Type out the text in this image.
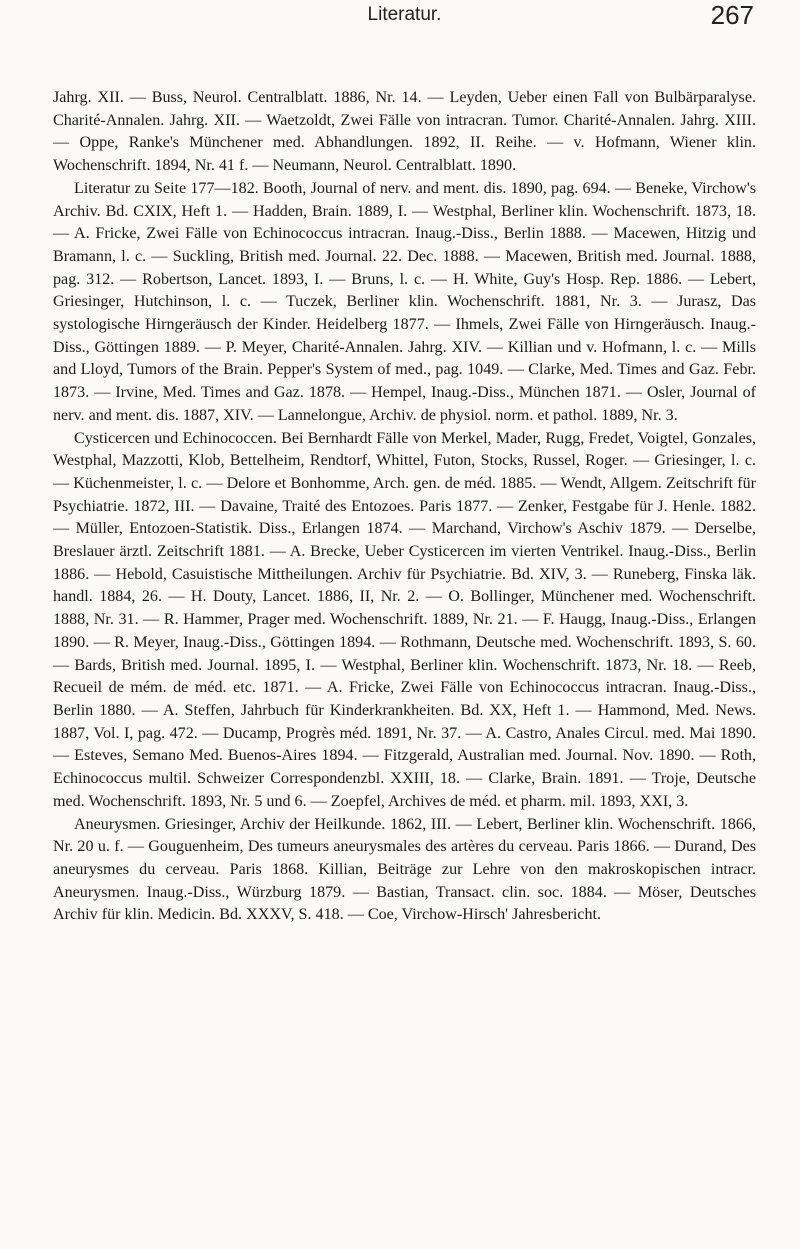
Literatur.	267

Jahrg. XII. — Buss, Neurol. Centralblatt. 1886, Nr. 14. — Leyden, Ueber einen Fall von Bulbärparalyse. Charité-Annalen. Jahrg. XII. — Waetzoldt, Zwei Fälle von intracran. Tumor. Charité-Annalen. Jahrg. XIII. — Oppe, Ranke's Münchener med. Abhandlungen. 1892, II. Reihe. — v. Hofmann, Wiener klin. Wochenschrift. 1894, Nr. 41 f. — Neumann, Neurol. Centralblatt. 1890.

Literatur zu Seite 177—182. Booth, Journal of nerv. and ment. dis. 1890, pag. 694. — Beneke, Virchow's Archiv. Bd. CXIX, Heft 1. — Hadden, Brain. 1889, I. — Westphal, Berliner klin. Wochenschrift. 1873, 18. — A. Fricke, Zwei Fälle von Echinococcus intracran. Inaug.-Diss., Berlin 1888. — Macewen, Hitzig und Bramann, l. c. — Suckling, British med. Journal. 22. Dec. 1888. — Macewen, British med. Journal. 1888, pag. 312. — Robertson, Lancet. 1893, I. — Bruns, l. c. — H. White, Guy's Hosp. Rep. 1886. — Lebert, Griesinger, Hutchinson, l. c. — Tuczek, Berliner klin. Wochenschrift. 1881, Nr. 3. — Jurasz, Das systologische Hirngeräusch der Kinder. Heidelberg 1877. — Ihmels, Zwei Fälle von Hirngeräusch. Inaug.-Diss., Göttingen 1889. — P. Meyer, Charité-Annalen. Jahrg. XIV. — Killian und v. Hofmann, l. c. — Mills and Lloyd, Tumors of the Brain. Pepper's System of med., pag. 1049. — Clarke, Med. Times and Gaz. Febr. 1873. — Irvine, Med. Times and Gaz. 1878. — Hempel, Inaug.-Diss., München 1871. — Osler, Journal of nerv. and ment. dis. 1887, XIV. — Lannelongue, Archiv. de physiol. norm. et pathol. 1889, Nr. 3.

Cysticercen und Echinococcen. Bei Bernhardt Fälle von Merkel, Mader, Rugg, Fredet, Voigtel, Gonzales, Westphal, Mazzotti, Klob, Bettelheim, Rendtorf, Whittel, Futon, Stocks, Russel, Roger. — Griesinger, l. c. — Küchenmeister, l. c. — Delore et Bonhomme, Arch. gen. de méd. 1885. — Wendt, Allgem. Zeitschrift für Psychiatrie. 1872, III. — Davaine, Traité des Entozoes. Paris 1877. — Zenker, Festgabe für J. Henle. 1882. — Müller, Entozoen-Statistik. Diss., Erlangen 1874. — Marchand, Virchow's Aschiv 1879. — Derselbe, Breslauer ärztl. Zeitschrift 1881. — A. Brecke, Ueber Cysticercen im vierten Ventrikel. Inaug.-Diss., Berlin 1886. — Hebold, Casuistische Mittheilungen. Archiv für Psychiatrie. Bd. XIV, 3. — Runeberg, Finska läk. handl. 1884, 26. — H. Douty, Lancet. 1886, II, Nr. 2. — O. Bollinger, Münchener med. Wochenschrift. 1888, Nr. 31. — R. Hammer, Prager med. Wochenschrift. 1889, Nr. 21. — F. Haugg, Inaug.-Diss., Erlangen 1890. — R. Meyer, Inaug.-Diss., Göttingen 1894. — Rothmann, Deutsche med. Wochenschrift. 1893, S. 60. — Bards, British med. Journal. 1895, I. — Westphal, Berliner klin. Wochenschrift. 1873, Nr. 18. — Reeb, Recueil de mém. de méd. etc. 1871. — A. Fricke, Zwei Fälle von Echinococcus intracran. Inaug.-Diss., Berlin 1880. — A. Steffen, Jahrbuch für Kinderkrankheiten. Bd. XX, Heft 1. — Hammond, Med. News. 1887, Vol. I, pag. 472. — Ducamp, Progrès méd. 1891, Nr. 37. — A. Castro, Anales Circul. med. Mai 1890. — Esteves, Semano Med. Buenos-Aires 1894. — Fitzgerald, Australian med. Journal. Nov. 1890. — Roth, Echinococcus multil. Schweizer Correspondenzbl. XXIII, 18. — Clarke, Brain. 1891. — Troje, Deutsche med. Wochenschrift. 1893, Nr. 5 und 6. — Zoepfel, Archives de méd. et pharm. mil. 1893, XXI, 3.

Aneurysmen. Griesinger, Archiv der Heilkunde. 1862, III. — Lebert, Berliner klin. Wochenschrift. 1866, Nr. 20 u. f. — Gouguenheim, Des tumeurs aneurysmales des artères du cerveau. Paris 1866. — Durand, Des aneurysmes du cerveau. Paris 1868. Killian, Beiträge zur Lehre von den makroskopischen intracr. Aneurysmen. Inaug.-Diss., Würzburg 1879. — Bastian, Transact. clin. soc. 1884. — Möser, Deutsches Archiv für klin. Medicin. Bd. XXXV, S. 418. — Coe, Virchow-Hirsch' Jahresbericht.
